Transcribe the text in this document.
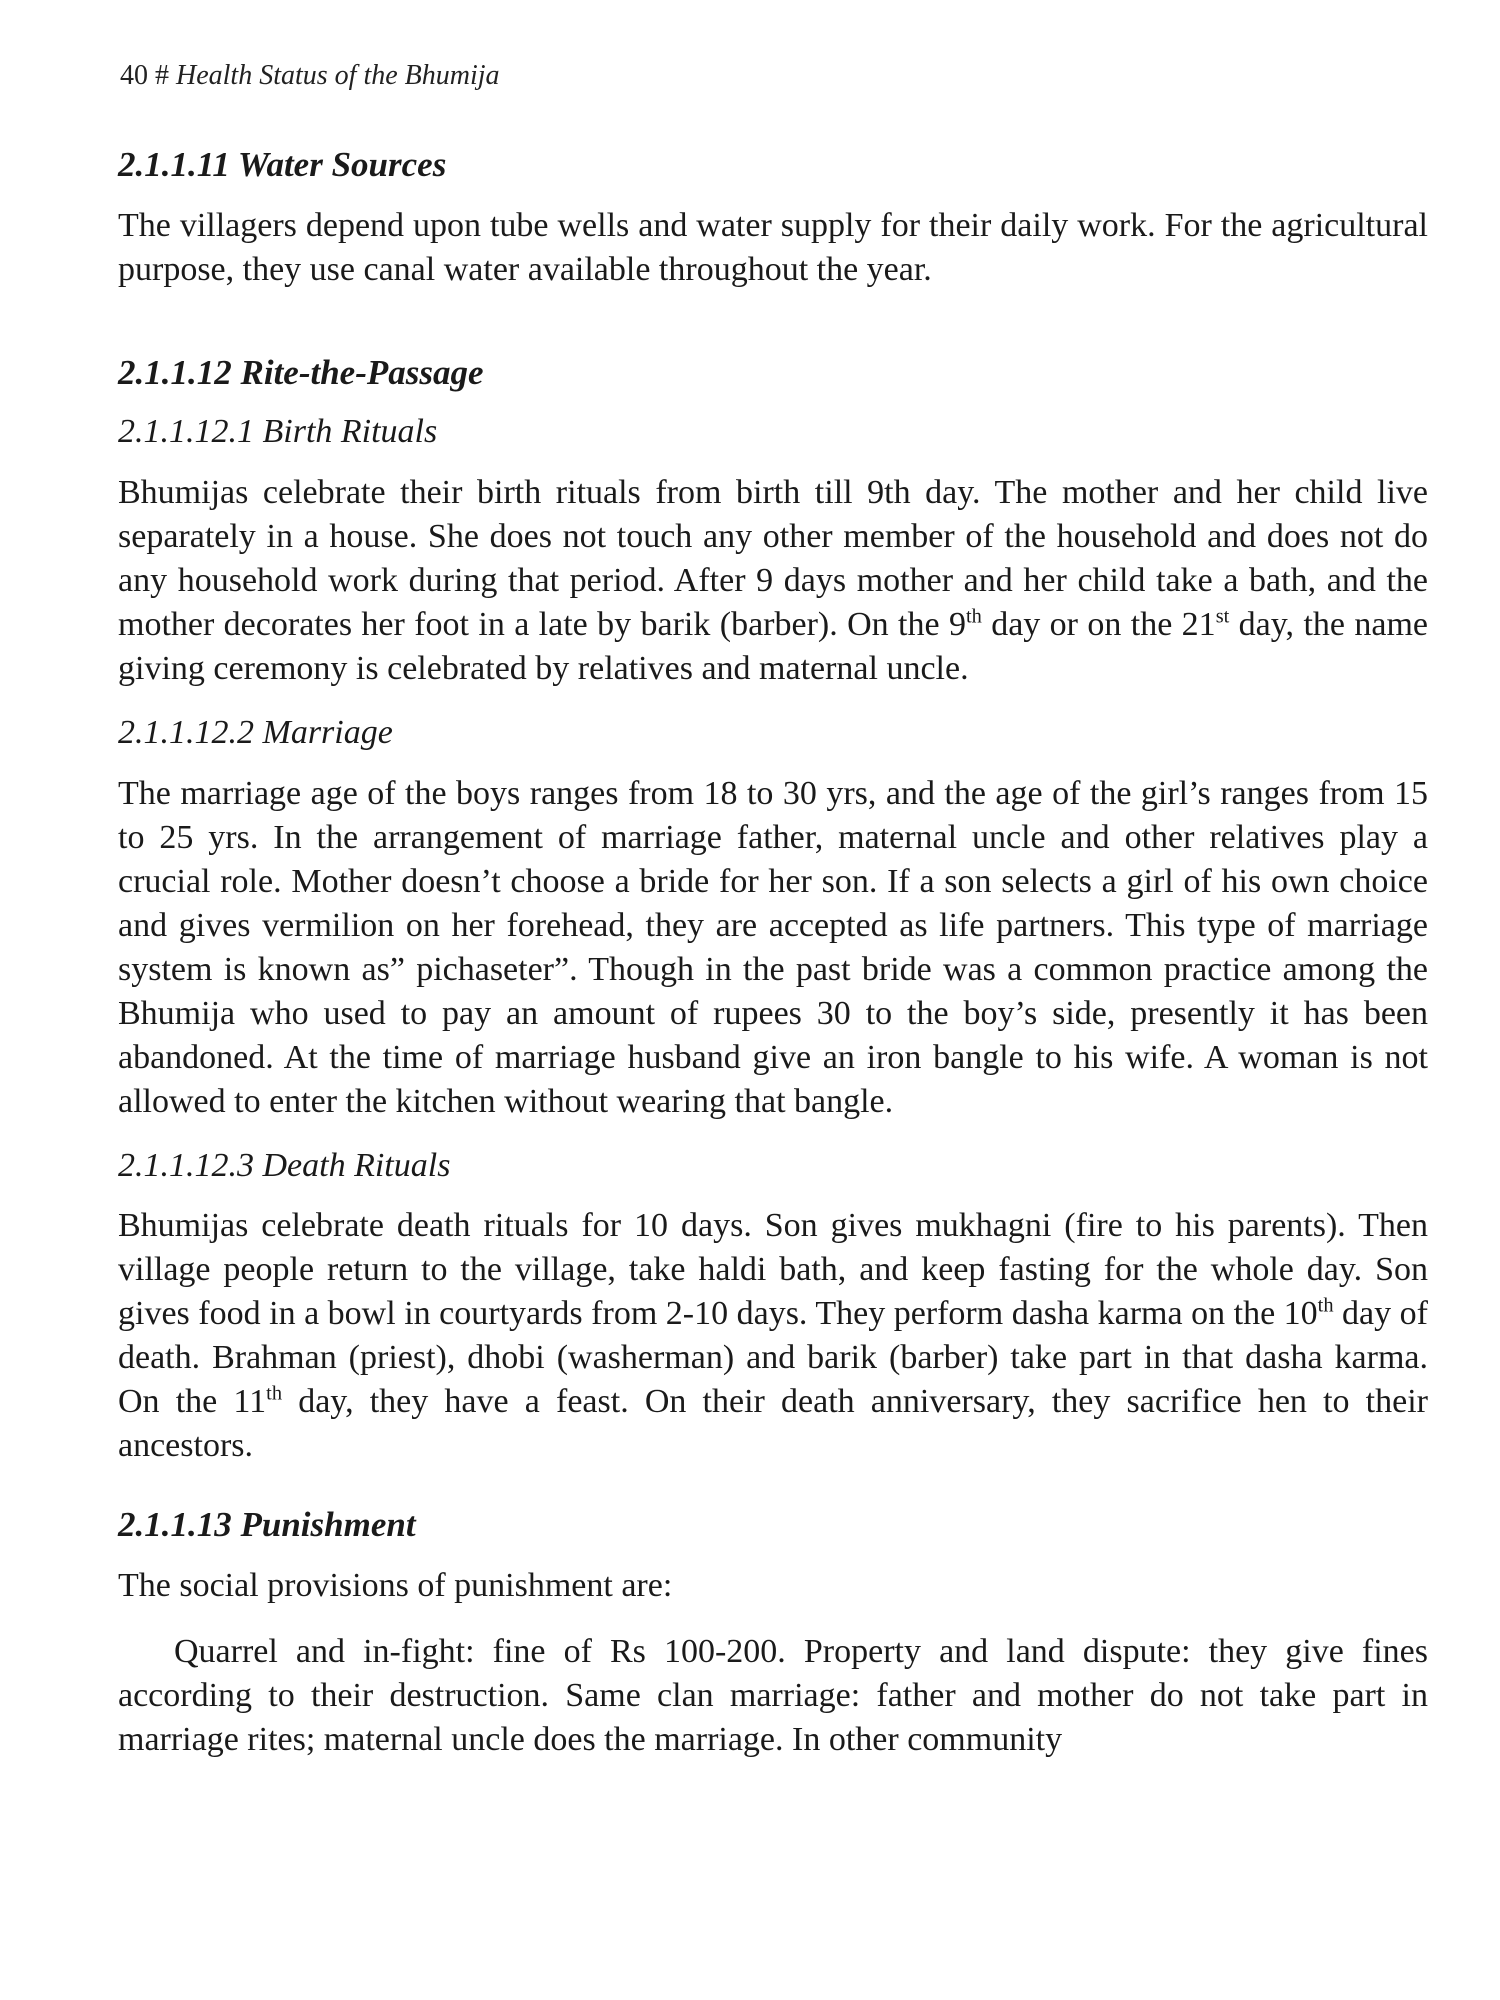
40 # Health Status of the Bhumija
2.1.1.11 Water Sources

The villagers depend upon tube wells and water supply for their daily work. For the agricultural purpose, they use canal water available throughout the year.

2.1.1.12 Rite-the-Passage
2.1.1.12.1 Birth Rituals

Bhumijas celebrate their birth rituals from birth till 9th day. The mother and her child live separately in a house. She does not touch any other member of the household and does not do any household work during that period. After 9 days mother and her child take a bath, and the mother decorates her foot in a late by barik (barber). On the 9th day or on the 21st day, the name giving ceremony is celebrated by relatives and maternal uncle.

2.1.1.12.2 Marriage

The marriage age of the boys ranges from 18 to 30 yrs, and the age of the girl’s ranges from 15 to 25 yrs. In the arrangement of marriage father, maternal uncle and other relatives play a crucial role. Mother doesn’t choose a bride for her son. If a son selects a girl of his own choice and gives vermilion on her forehead, they are accepted as life partners. This type of marriage system is known as” pichaseter”. Though in the past bride was a common practice among the Bhumija who used to pay an amount of rupees 30 to the boy’s side, presently it has been abandoned. At the time of marriage husband give an iron bangle to his wife. A woman is not allowed to enter the kitchen without wearing that bangle.

2.1.1.12.3 Death Rituals

Bhumijas celebrate death rituals for 10 days. Son gives mukhagni (fire to his parents). Then village people return to the village, take haldi bath, and keep fasting for the whole day. Son gives food in a bowl in courtyards from 2-10 days. They perform dasha karma on the 10th day of death. Brahman (priest), dhobi (washerman) and barik (barber) take part in that dasha karma. On the 11th day, they have a feast. On their death anniversary, they sacrifice hen to their ancestors.

2.1.1.13 Punishment

The social provisions of punishment are:

Quarrel and in-fight: fine of Rs 100-200. Property and land dispute: they give fines according to their destruction. Same clan marriage: father and mother do not take part in marriage rites; maternal uncle does the marriage. In other community
